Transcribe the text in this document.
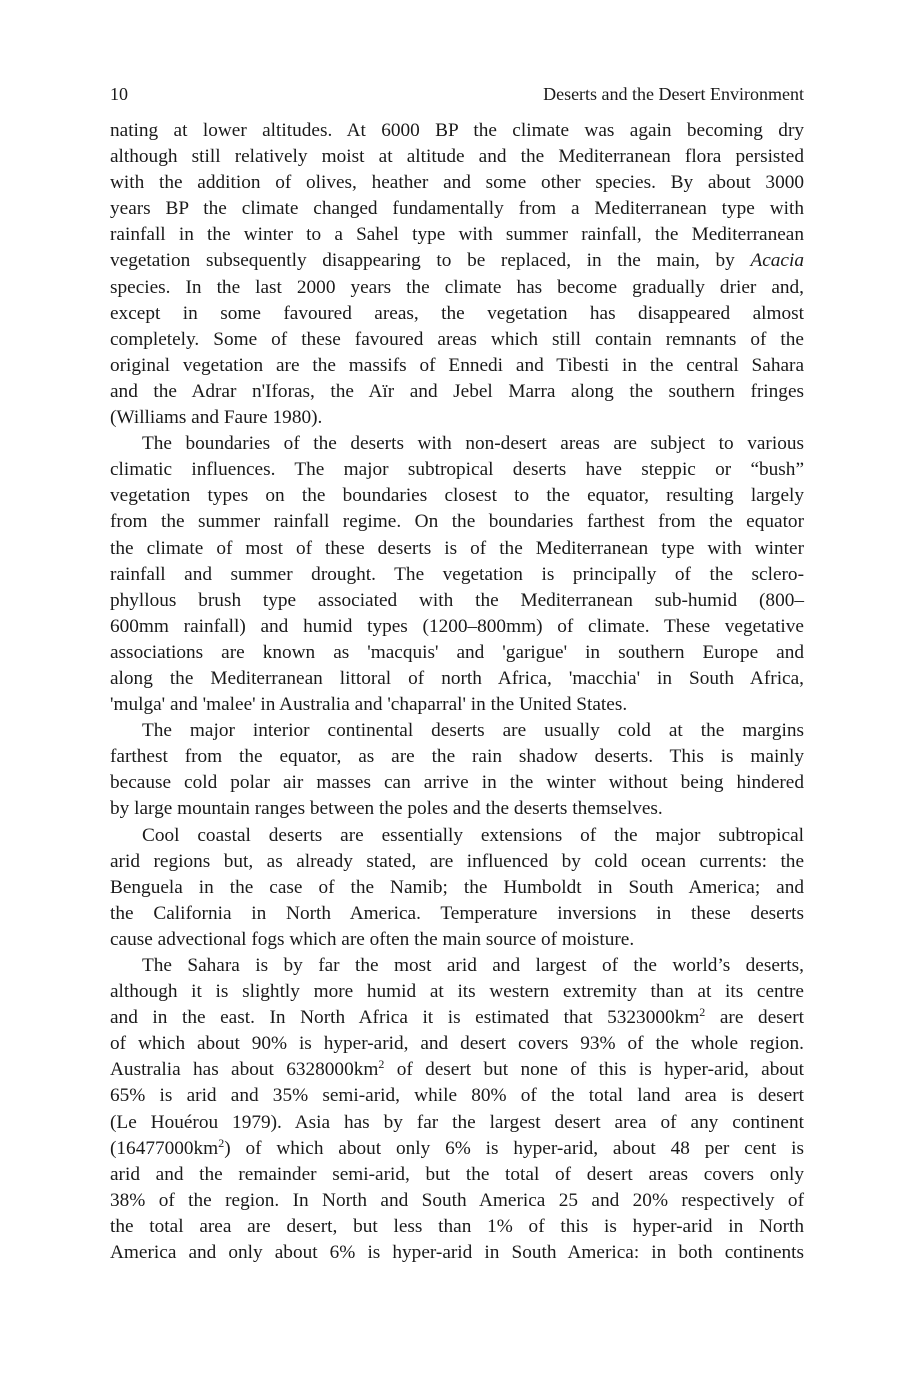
10	Deserts and the Desert Environment
nating at lower altitudes. At 6000 BP the climate was again becoming dry
although still relatively moist at altitude and the Mediterranean flora persisted
with the addition of olives, heather and some other species. By about 3000
years BP the climate changed fundamentally from a Mediterranean type with
rainfall in the winter to a Sahel type with summer rainfall, the Mediterranean
vegetation subsequently disappearing to be replaced, in the main, by Acacia
species. In the last 2000 years the climate has become gradually drier and,
except in some favoured areas, the vegetation has disappeared almost
completely. Some of these favoured areas which still contain remnants of the
original vegetation are the massifs of Ennedi and Tibesti in the central Sahara
and the Adrar n'Iforas, the Aïr and Jebel Marra along the southern fringes
(Williams and Faure 1980).
The boundaries of the deserts with non-desert areas are subject to various
climatic influences. The major subtropical deserts have steppic or “bush”
vegetation types on the boundaries closest to the equator, resulting largely
from the summer rainfall regime. On the boundaries farthest from the equator
the climate of most of these deserts is of the Mediterranean type with winter
rainfall and summer drought. The vegetation is principally of the sclero-
phyllous brush type associated with the Mediterranean sub-humid (800–
600mm rainfall) and humid types (1200–800mm) of climate. These vegetative
associations are known as 'macquis' and 'garigue' in southern Europe and
along the Mediterranean littoral of north Africa, 'macchia' in South Africa,
'mulga' and 'malee' in Australia and 'chaparral' in the United States.
The major interior continental deserts are usually cold at the margins
farthest from the equator, as are the rain shadow deserts. This is mainly
because cold polar air masses can arrive in the winter without being hindered
by large mountain ranges between the poles and the deserts themselves.
Cool coastal deserts are essentially extensions of the major subtropical
arid regions but, as already stated, are influenced by cold ocean currents: the
Benguela in the case of the Namib; the Humboldt in South America; and
the California in North America. Temperature inversions in these deserts
cause advectional fogs which are often the main source of moisture.
The Sahara is by far the most arid and largest of the world’s deserts,
although it is slightly more humid at its western extremity than at its centre
and in the east. In North Africa it is estimated that $5323000km^2$ are desert
of which about 90% is hyper-arid, and desert covers 93% of the whole region.
Australia has about $6328000km^2$ of desert but none of this is hyper-arid, about
65% is arid and 35% semi-arid, while 80% of the total land area is desert
(Le Houérou 1979). Asia has by far the largest desert area of any continent
$(16477000km^2)$ of which about only 6% is hyper-arid, about 48 per cent is
arid and the remainder semi-arid, but the total of desert areas covers only
38% of the region. In North and South America 25 and 20% respectively of
the total area are desert, but less than 1% of this is hyper-arid in North
America and only about 6% is hyper-arid in South America: in both continents
